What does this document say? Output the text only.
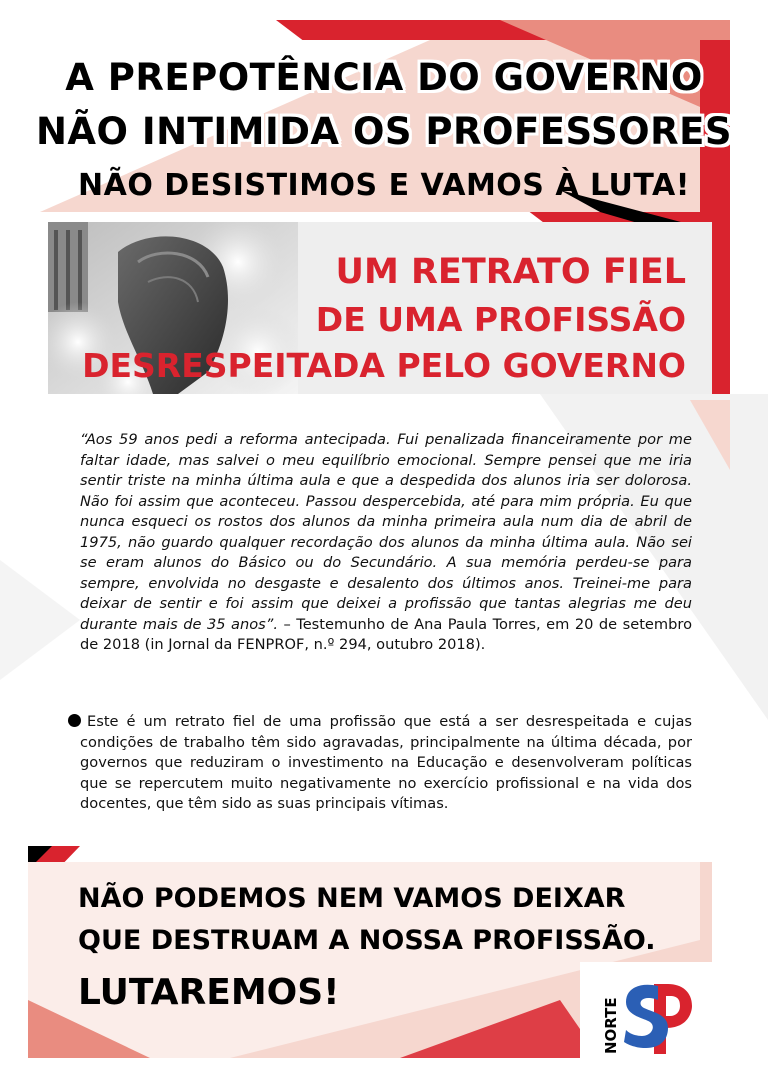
A PREPOTÊNCIA DO GOVERNO
NÃO INTIMIDA OS PROFESSORES
NÃO DESISTIMOS E VAMOS À LUTA!
UM RETRATO FIEL
DE UMA PROFISSÃO
DESRESPEITADA PELO GOVERNO
“Aos 59 anos pedi a reforma antecipada. Fui penalizada financeiramente por me faltar idade, mas salvei o meu equilíbrio emocional. Sempre pensei que me iria sentir triste na minha última aula e que a despedida dos alunos iria ser dolorosa. Não foi assim que aconteceu. Passou despercebida, até para mim própria. Eu que nunca esqueci os rostos dos alunos da minha primeira aula num dia de abril de 1975, não guardo qualquer recordação dos alunos da minha última aula. Não sei se eram alunos do Básico ou do Secundário. A sua memória perdeu-se para sempre, envolvida no desgaste e desalento dos últimos anos. Treinei-me para deixar de sentir e foi assim que deixei a profissão que tantas alegrias me deu durante mais de 35 anos”. – Testemunho de Ana Paula Torres, em 20 de setembro de 2018 (in Jornal da FENPROF, n.º 294, outubro 2018).
Este é um retrato fiel de uma profissão que está a ser desrespeitada e cujas condições de trabalho têm sido agravadas, principalmente na última década, por governos que reduziram o investimento na Educação e desenvolveram políticas que se repercutem muito negativamente no exercício profissional e na vida dos docentes, que têm sido as suas principais vítimas.
NÃO PODEMOS NEM VAMOS DEIXAR
QUE DESTRUAM A NOSSA PROFISSÃO.
LUTAREMOS!
NORTE
